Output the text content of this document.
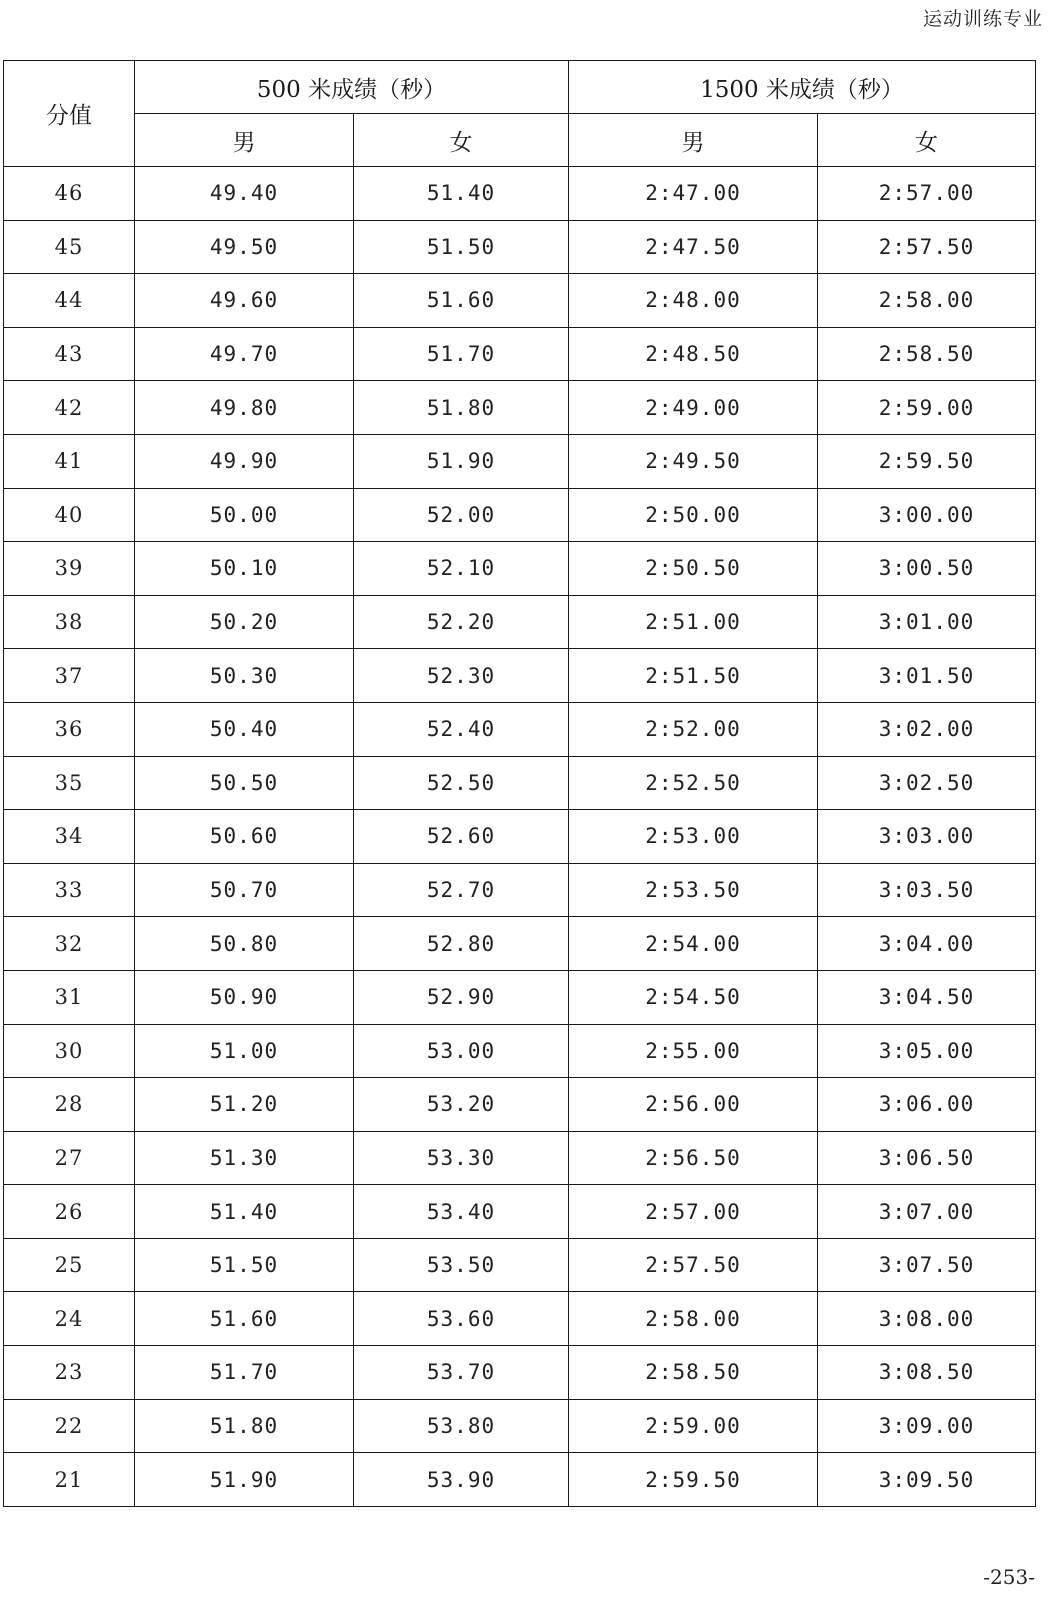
运动训练专业
分值	500 米成绩（秒）		1500 米成绩（秒）	
	男	女	男	女
46	49.40	51.40	2:47.00	2:57.00
45	49.50	51.50	2:47.50	2:57.50
44	49.60	51.60	2:48.00	2:58.00
43	49.70	51.70	2:48.50	2:58.50
42	49.80	51.80	2:49.00	2:59.00
41	49.90	51.90	2:49.50	2:59.50
40	50.00	52.00	2:50.00	3:00.00
39	50.10	52.10	2:50.50	3:00.50
38	50.20	52.20	2:51.00	3:01.00
37	50.30	52.30	2:51.50	3:01.50
36	50.40	52.40	2:52.00	3:02.00
35	50.50	52.50	2:52.50	3:02.50
34	50.60	52.60	2:53.00	3:03.00
33	50.70	52.70	2:53.50	3:03.50
32	50.80	52.80	2:54.00	3:04.00
31	50.90	52.90	2:54.50	3:04.50
30	51.00	53.00	2:55.00	3:05.00
28	51.20	53.20	2:56.00	3:06.00
27	51.30	53.30	2:56.50	3:06.50
26	51.40	53.40	2:57.00	3:07.00
25	51.50	53.50	2:57.50	3:07.50
24	51.60	53.60	2:58.00	3:08.00
23	51.70	53.70	2:58.50	3:08.50
22	51.80	53.80	2:59.00	3:09.00
21	51.90	53.90	2:59.50	3:09.50
-253-
